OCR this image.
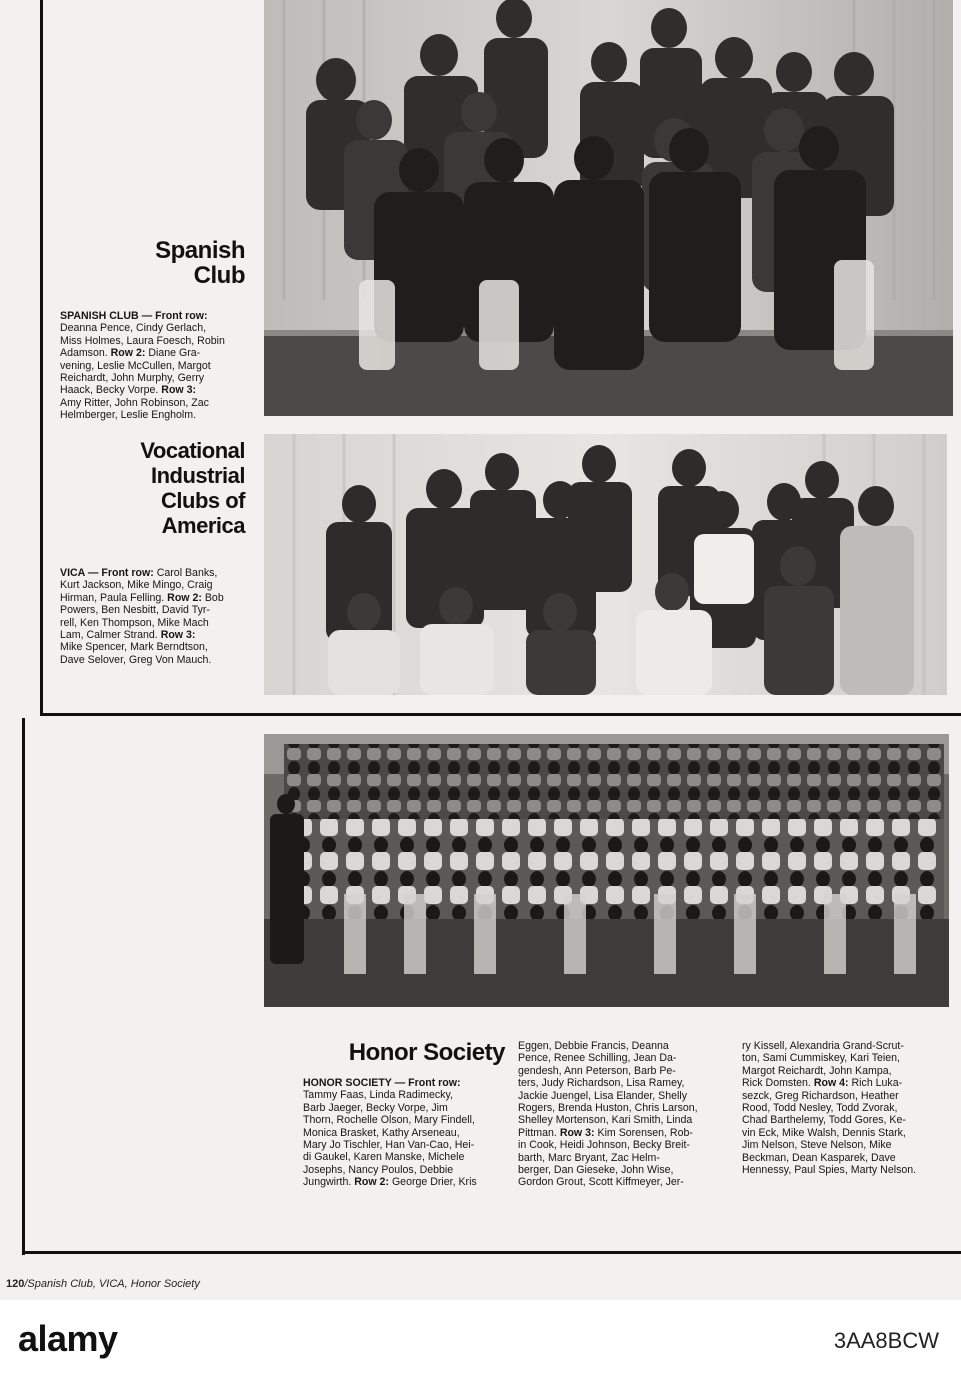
Spanish
Club
SPANISH CLUB — Front row:
Deanna Pence, Cindy Gerlach,
Miss Holmes, Laura Foesch, Robin
Adamson. Row 2: Diane Gra-
vening, Leslie McCullen, Margot
Reichardt, John Murphy, Gerry
Haack, Becky Vorpe. Row 3:
Amy Ritter, John Robinson, Zac
Helmberger, Leslie Engholm.
Vocational
Industrial
Clubs of
America
VICA — Front row: Carol Banks,
Kurt Jackson, Mike Mingo, Craig
Hirman, Paula Felling. Row 2: Bob
Powers, Ben Nesbitt, David Tyr-
rell, Ken Thompson, Mike Mach
Lam, Calmer Strand. Row 3:
Mike Spencer, Mark Berndtson,
Dave Selover, Greg Von Mauch.
Honor Society
HONOR SOCIETY — Front row:
Tammy Faas, Linda Radimecky,
Barb Jaeger, Becky Vorpe, Jim
Thorn, Rochelle Olson, Mary Findell,
Monica Brasket, Kathy Arseneau,
Mary Jo Tischler, Han Van-Cao, Hei-
di Gaukel, Karen Manske, Michele
Josephs, Nancy Poulos, Debbie
Jungwirth. Row 2: George Drier, Kris
Eggen, Debbie Francis, Deanna
Pence, Renee Schilling, Jean Da-
gendesh, Ann Peterson, Barb Pe-
ters, Judy Richardson, Lisa Ramey,
Jackie Juengel, Lisa Elander, Shelly
Rogers, Brenda Huston, Chris Larson,
Shelley Mortenson, Kari Smith, Linda
Pittman. Row 3: Kim Sorensen, Rob-
in Cook, Heidi Johnson, Becky Breit-
barth, Marc Bryant, Zac Helm-
berger, Dan Gieseke, John Wise,
Gordon Grout, Scott Kiffmeyer, Jer-
ry Kissell, Alexandria Grand-Scrut-
ton, Sami Cummiskey, Kari Teien,
Margot Reichardt, John Kampa,
Rick Domsten. Row 4: Rich Luka-
sezck, Greg Richardson, Heather
Rood, Todd Nesley, Todd Zvorak,
Chad Barthelemy, Todd Gores, Ke-
vin Eck, Mike Walsh, Dennis Stark,
Jim Nelson, Steve Nelson, Mike
Beckman, Dean Kasparek, Dave
Hennessy, Paul Spies, Marty Nelson.
120/Spanish Club, VICA, Honor Society
alamy	3AA8BCW
